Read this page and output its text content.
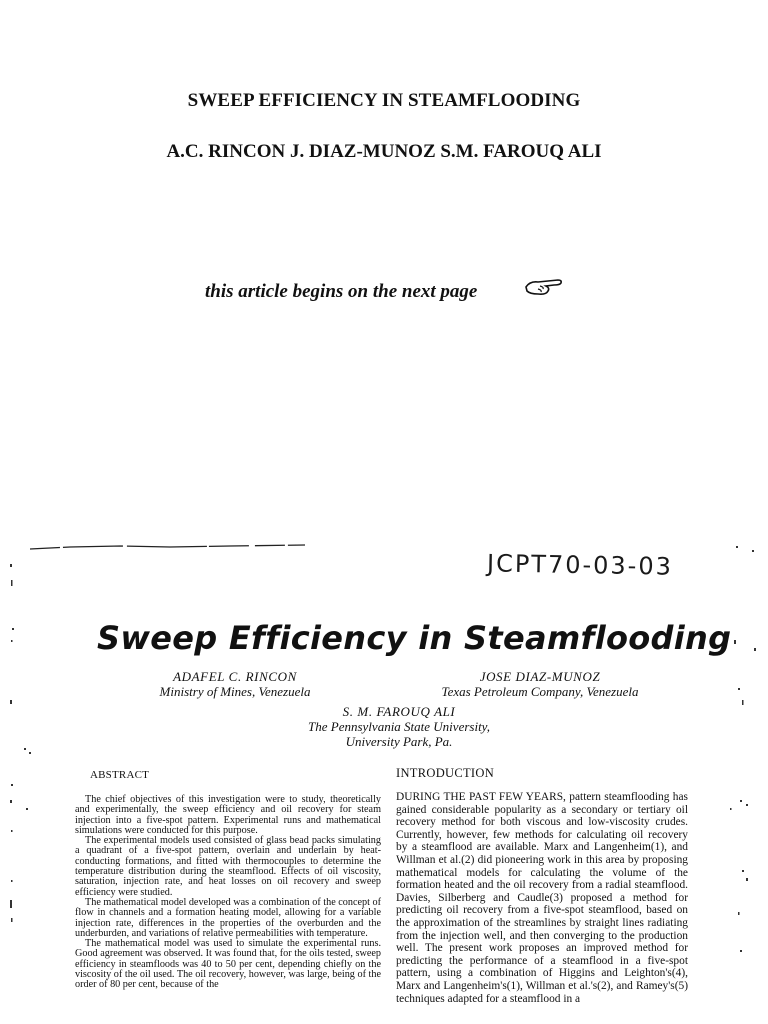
SWEEP EFFICIENCY IN STEAMFLOODING
A.C. RINCON J. DIAZ-MUNOZ S.M. FAROUQ ALI
this article begins on the next page
JCPT70-03-03
Sweep Efficiency in Steamflooding
ADAFEL C. RINCON
Ministry of Mines, Venezuela
JOSE DIAZ-MUNOZ
Texas Petroleum Company, Venezuela
S. M. FAROUQ ALI
The Pennsylvania State University,
University Park, Pa.
ABSTRACT	INTRODUCTION

The chief objectives of this investigation were to study, theoretically and experimentally, the sweep efficiency and oil recovery for steam injection into a five-spot pattern. Experimental runs and mathematical simulations were conducted for this purpose.

The experimental models used consisted of glass bead packs simulating a quadrant of a five-spot pattern, overlain and underlain by heat-conducting formations, and fitted with thermocouples to determine the temperature distribution during the steamflood. Effects of oil viscosity, saturation, injection rate, and heat losses on oil recovery and sweep efficiency were studied.

The mathematical model developed was a combination of the concept of flow in channels and a formation heating model, allowing for a variable injection rate, differences in the properties of the overburden and the underburden, and variations of relative permeabilities with temperature.

The mathematical model was used to simulate the experimental runs. Good agreement was observed. It was found that, for the oils tested, sweep efficiency in steamfloods was 40 to 50 per cent, depending chiefly on the viscosity of the oil used. The oil recovery, however, was large, being of the order of 80 per cent, because of the

DURING THE PAST FEW YEARS, pattern steamflooding has gained considerable popularity as a secondary or tertiary oil recovery method for both viscous and low-viscosity crudes. Currently, however, few methods for calculating oil recovery by a steamflood are available. Marx and Langenheim(1), and Willman et al.(2) did pioneering work in this area by proposing mathematical models for calculating the volume of the formation heated and the oil recovery from a radial steamflood. Davies, Silberberg and Caudle(3) proposed a method for predicting oil recovery from a five-spot steamflood, based on the approximation of the streamlines by straight lines radiating from the injection well, and then converging to the production well. The present work proposes an improved method for predicting the performance of a steamflood in a five-spot pattern, using a combination of Higgins and Leighton's(4), Marx and Langenheim's(1), Willman et al.'s(2), and Ramey's(5) techniques adapted for a steamflood in a
